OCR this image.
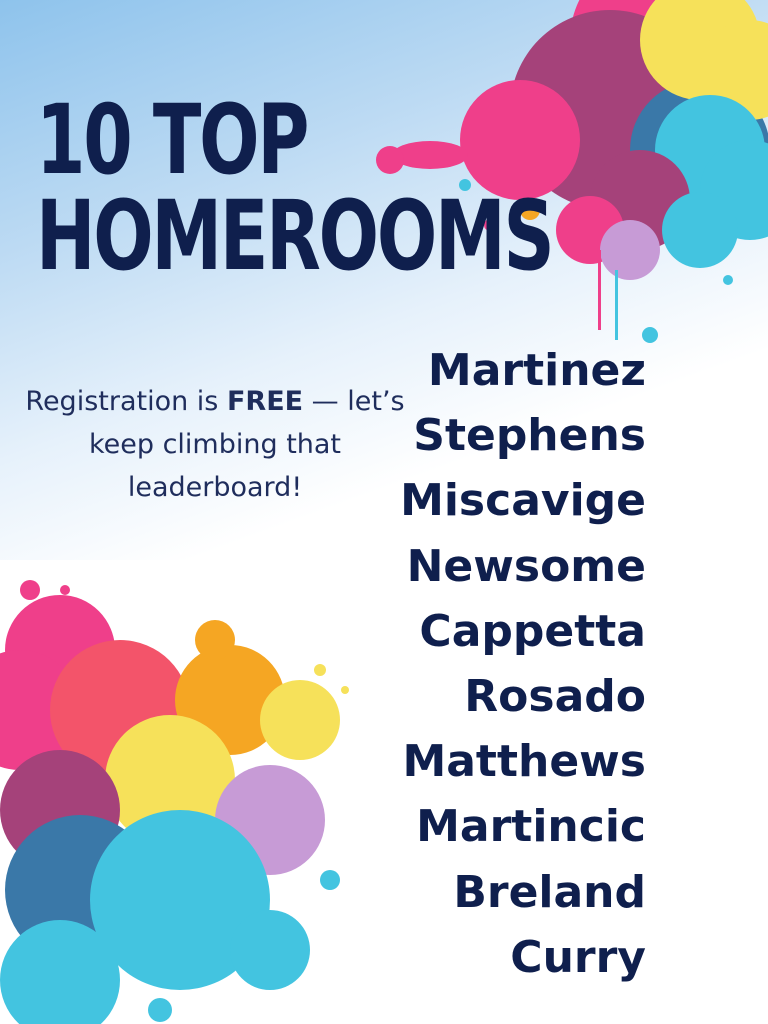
10 TOP
HOMEROOMS
Registration is FREE — let’s keep climbing that leaderboard!
Martinez
Stephens
Miscavige
Newsome
Cappetta
Rosado
Matthews
Martincic
Breland
Curry
